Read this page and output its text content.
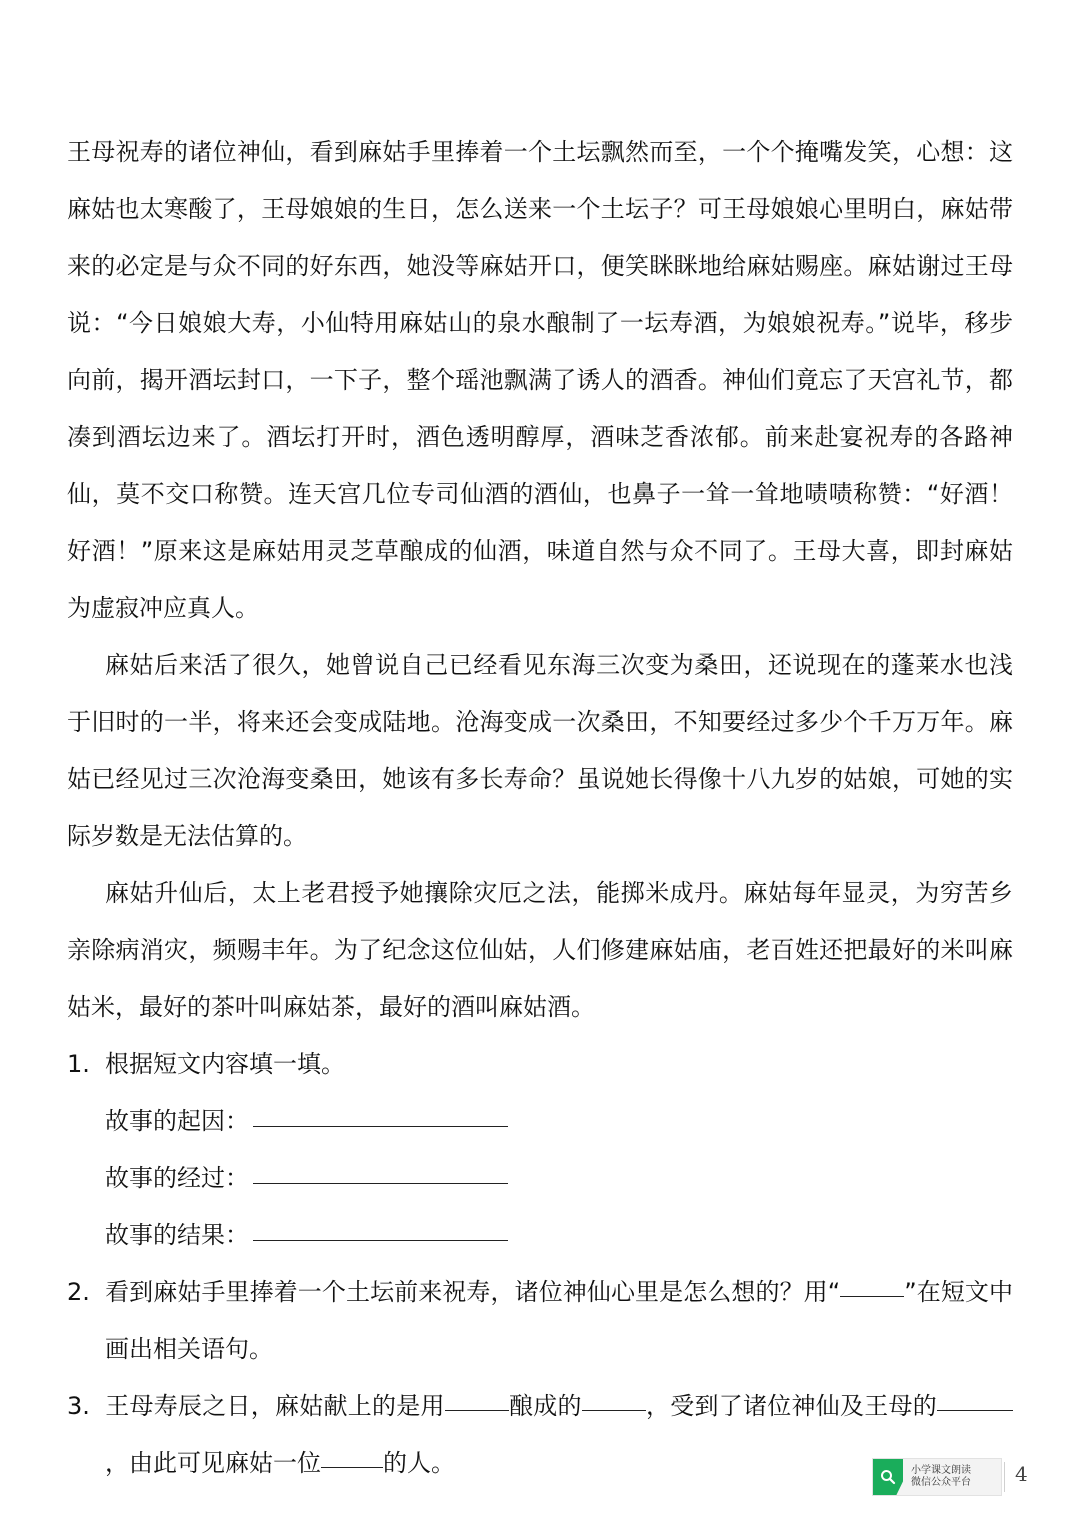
王母祝寿的诸位神仙，看到麻姑手里捧着一个土坛飘然而至，一个个掩嘴发笑，心想：这麻姑也太寒酸了，王母娘娘的生日，怎么送来一个土坛子？可王母娘娘心里明白，麻姑带来的必定是与众不同的好东西，她没等麻姑开口，便笑眯眯地给麻姑赐座。麻姑谢过王母说：“今日娘娘大寿，小仙特用麻姑山的泉水酿制了一坛寿酒，为娘娘祝寿。”说毕，移步向前，揭开酒坛封口，一下子，整个瑶池飘满了诱人的酒香。神仙们竟忘了天宫礼节，都凑到酒坛边来了。酒坛打开时，酒色透明醇厚，酒味芝香浓郁。前来赴宴祝寿的各路神仙，莫不交口称赞。连天宫几位专司仙酒的酒仙，也鼻子一耸一耸地啧啧称赞：“好酒！好酒！”原来这是麻姑用灵芝草酿成的仙酒，味道自然与众不同了。王母大喜，即封麻姑为虚寂冲应真人。

麻姑后来活了很久，她曾说自己已经看见东海三次变为桑田，还说现在的蓬莱水也浅于旧时的一半，将来还会变成陆地。沧海变成一次桑田，不知要经过多少个千万万年。麻姑已经见过三次沧海变桑田，她该有多长寿命？虽说她长得像十八九岁的姑娘，可她的实际岁数是无法估算的。

麻姑升仙后，太上老君授予她攘除灾厄之法，能掷米成丹。麻姑每年显灵，为穷苦乡亲除病消灾，频赐丰年。为了纪念这位仙姑，人们修建麻姑庙，老百姓还把最好的米叫麻姑米，最好的茶叶叫麻姑茶，最好的酒叫麻姑酒。

1. 根据短文内容填一填。
故事的起因：
故事的经过：
故事的结果：
2. 看到麻姑手里捧着一个土坛前来祝寿，诸位神仙心里是怎么想的？用“	”在短文中画出相关语句。
3. 王母寿辰之日，麻姑献上的是用	酿成的	，受到了诸位神仙及王母的，由此可见麻姑一位	的人。	小学课文朗读
微信公众平台 4
